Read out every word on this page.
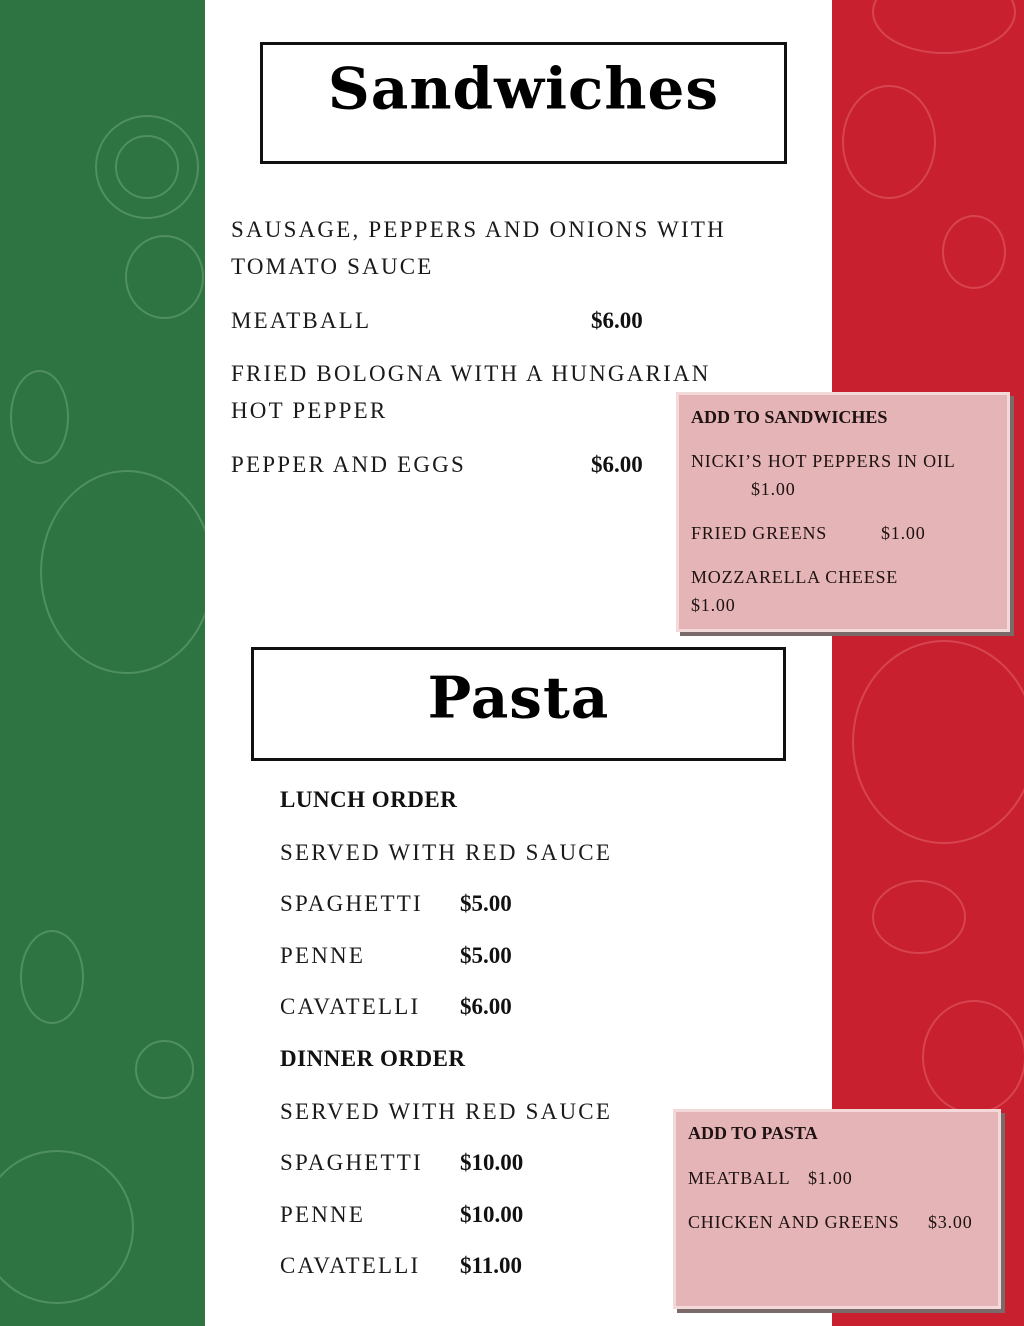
Sandwiches
SAUSAGE, PEPPERS AND ONIONS WITH
TOMATO SAUCE
MEATBALL	$6.00
FRIED BOLOGNA WITH A HUNGARIAN
HOT PEPPER
PEPPER AND EGGS	$6.00
ADD TO SANDWICHES
NICKI’S HOT PEPPERS IN OIL
$1.00
FRIED GREENS	$1.00
MOZZARELLA CHEESE
$1.00
Pasta
LUNCH ORDER
SERVED WITH RED SAUCE
SPAGHETTI $5.00
PENNE	$5.00
CAVATELLI $6.00
DINNER ORDER
SERVED WITH RED SAUCE
SPAGHETTI $10.00
PENNE	$10.00
CAVATELLI $11.00
ADD TO PASTA
MEATBALL $1.00
CHICKEN AND GREENS $3.00
